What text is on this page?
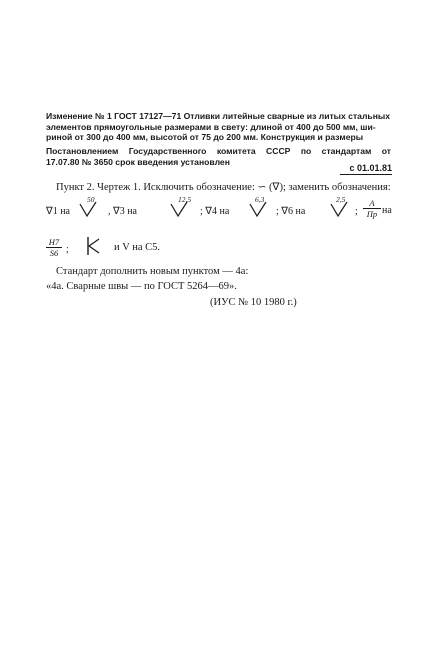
Изменение № 1 ГОСТ 17127—71 Отливки литейные сварные из литых стальных

элементов прямоугольные размерами в свету: длиной от 400 до 500 мм, ши-

риной от 300 до 400 мм, высотой от 75 до 200 мм. Конструкция и размеры

Постановлением Государственного комитета СССР по стандартам от

17.07.80 № 3650 срок введения установлен

с 01.01.81
Пункт 2. Чертеж 1. Исключить обозначение: ∽ (∇); заменить обозначения:
∇1 на
50
, ∇3 на
12,5
; ∇4 на
6,3
; ∇6 на
2,5
;
A
Пр на
$\frac{H7}{S6}$ ;	и V на С5.
Стандарт дополнить новым пунктом — 4а:
«4а. Сварные швы — по ГОСТ 5264—69».
(ИУС № 10 1980 г.)
